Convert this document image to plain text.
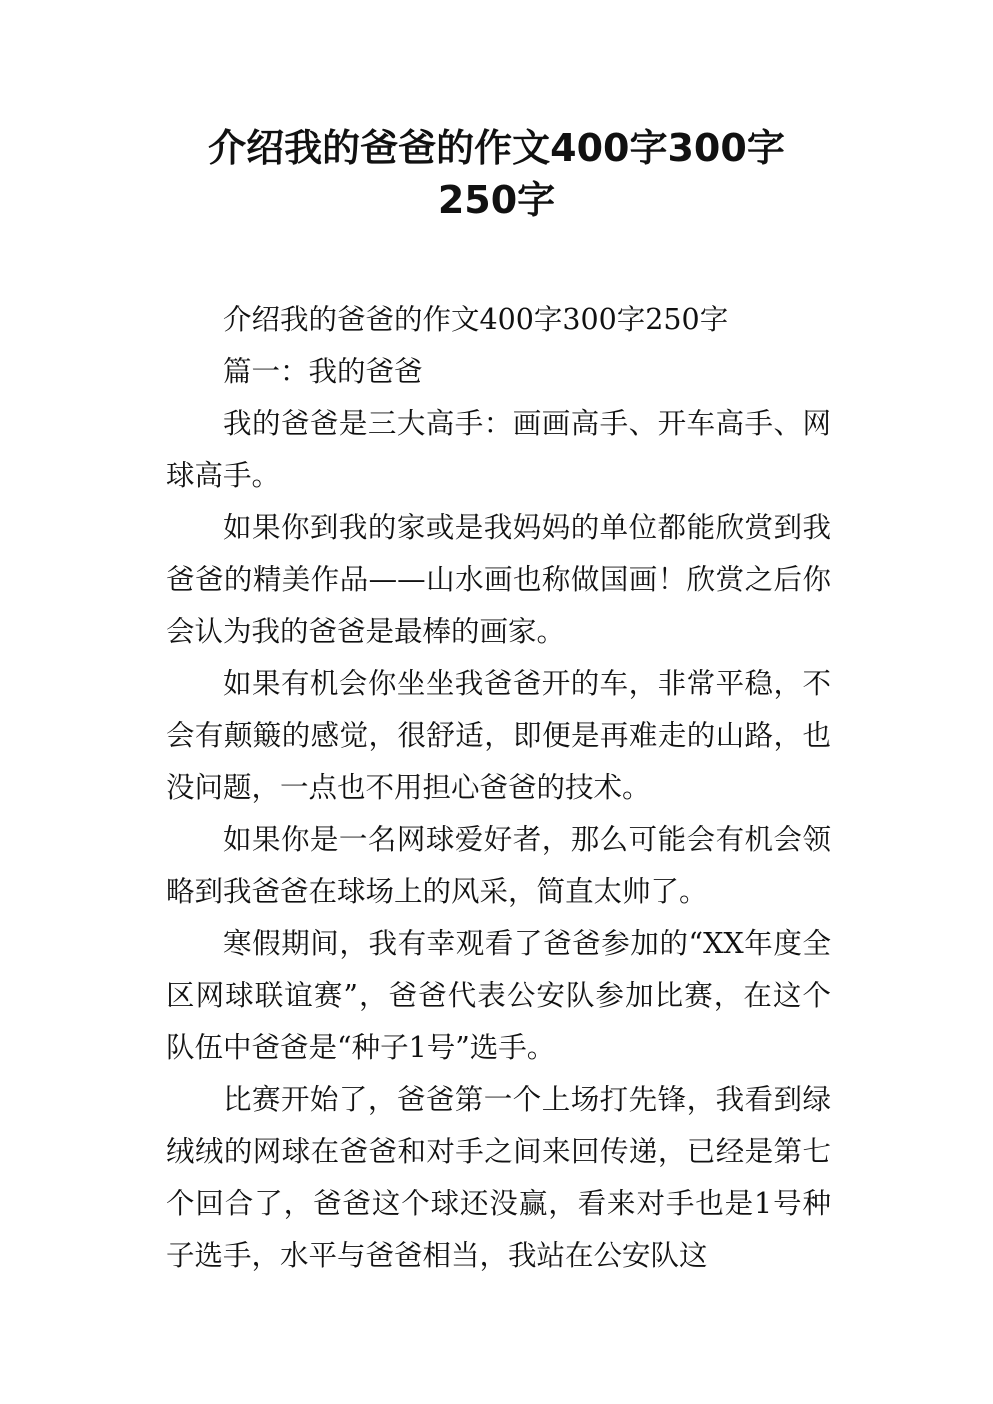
介绍我的爸爸的作文400字300字
250字

介绍我的爸爸的作文400字300字250字

篇一：我的爸爸

我的爸爸是三大高手：画画高手、开车高手、网球高手。

如果你到我的家或是我妈妈的单位都能欣赏到我爸爸的精美作品——山水画也称做国画！欣赏之后你会认为我的爸爸是最棒的画家。

如果有机会你坐坐我爸爸开的车，非常平稳，不会有颠簸的感觉，很舒适，即便是再难走的山路，也没问题，一点也不用担心爸爸的技术。

如果你是一名网球爱好者，那么可能会有机会领略到我爸爸在球场上的风采，简直太帅了。

寒假期间，我有幸观看了爸爸参加的“XX年度全区网球联谊赛”，爸爸代表公安队参加比赛，在这个队伍中爸爸是“种子1号”选手。

比赛开始了，爸爸第一个上场打先锋，我看到绿绒绒的网球在爸爸和对手之间来回传递，已经是第七个回合了，爸爸这个球还没赢，看来对手也是1号种子选手，水平与爸爸相当，我站在公安队这
